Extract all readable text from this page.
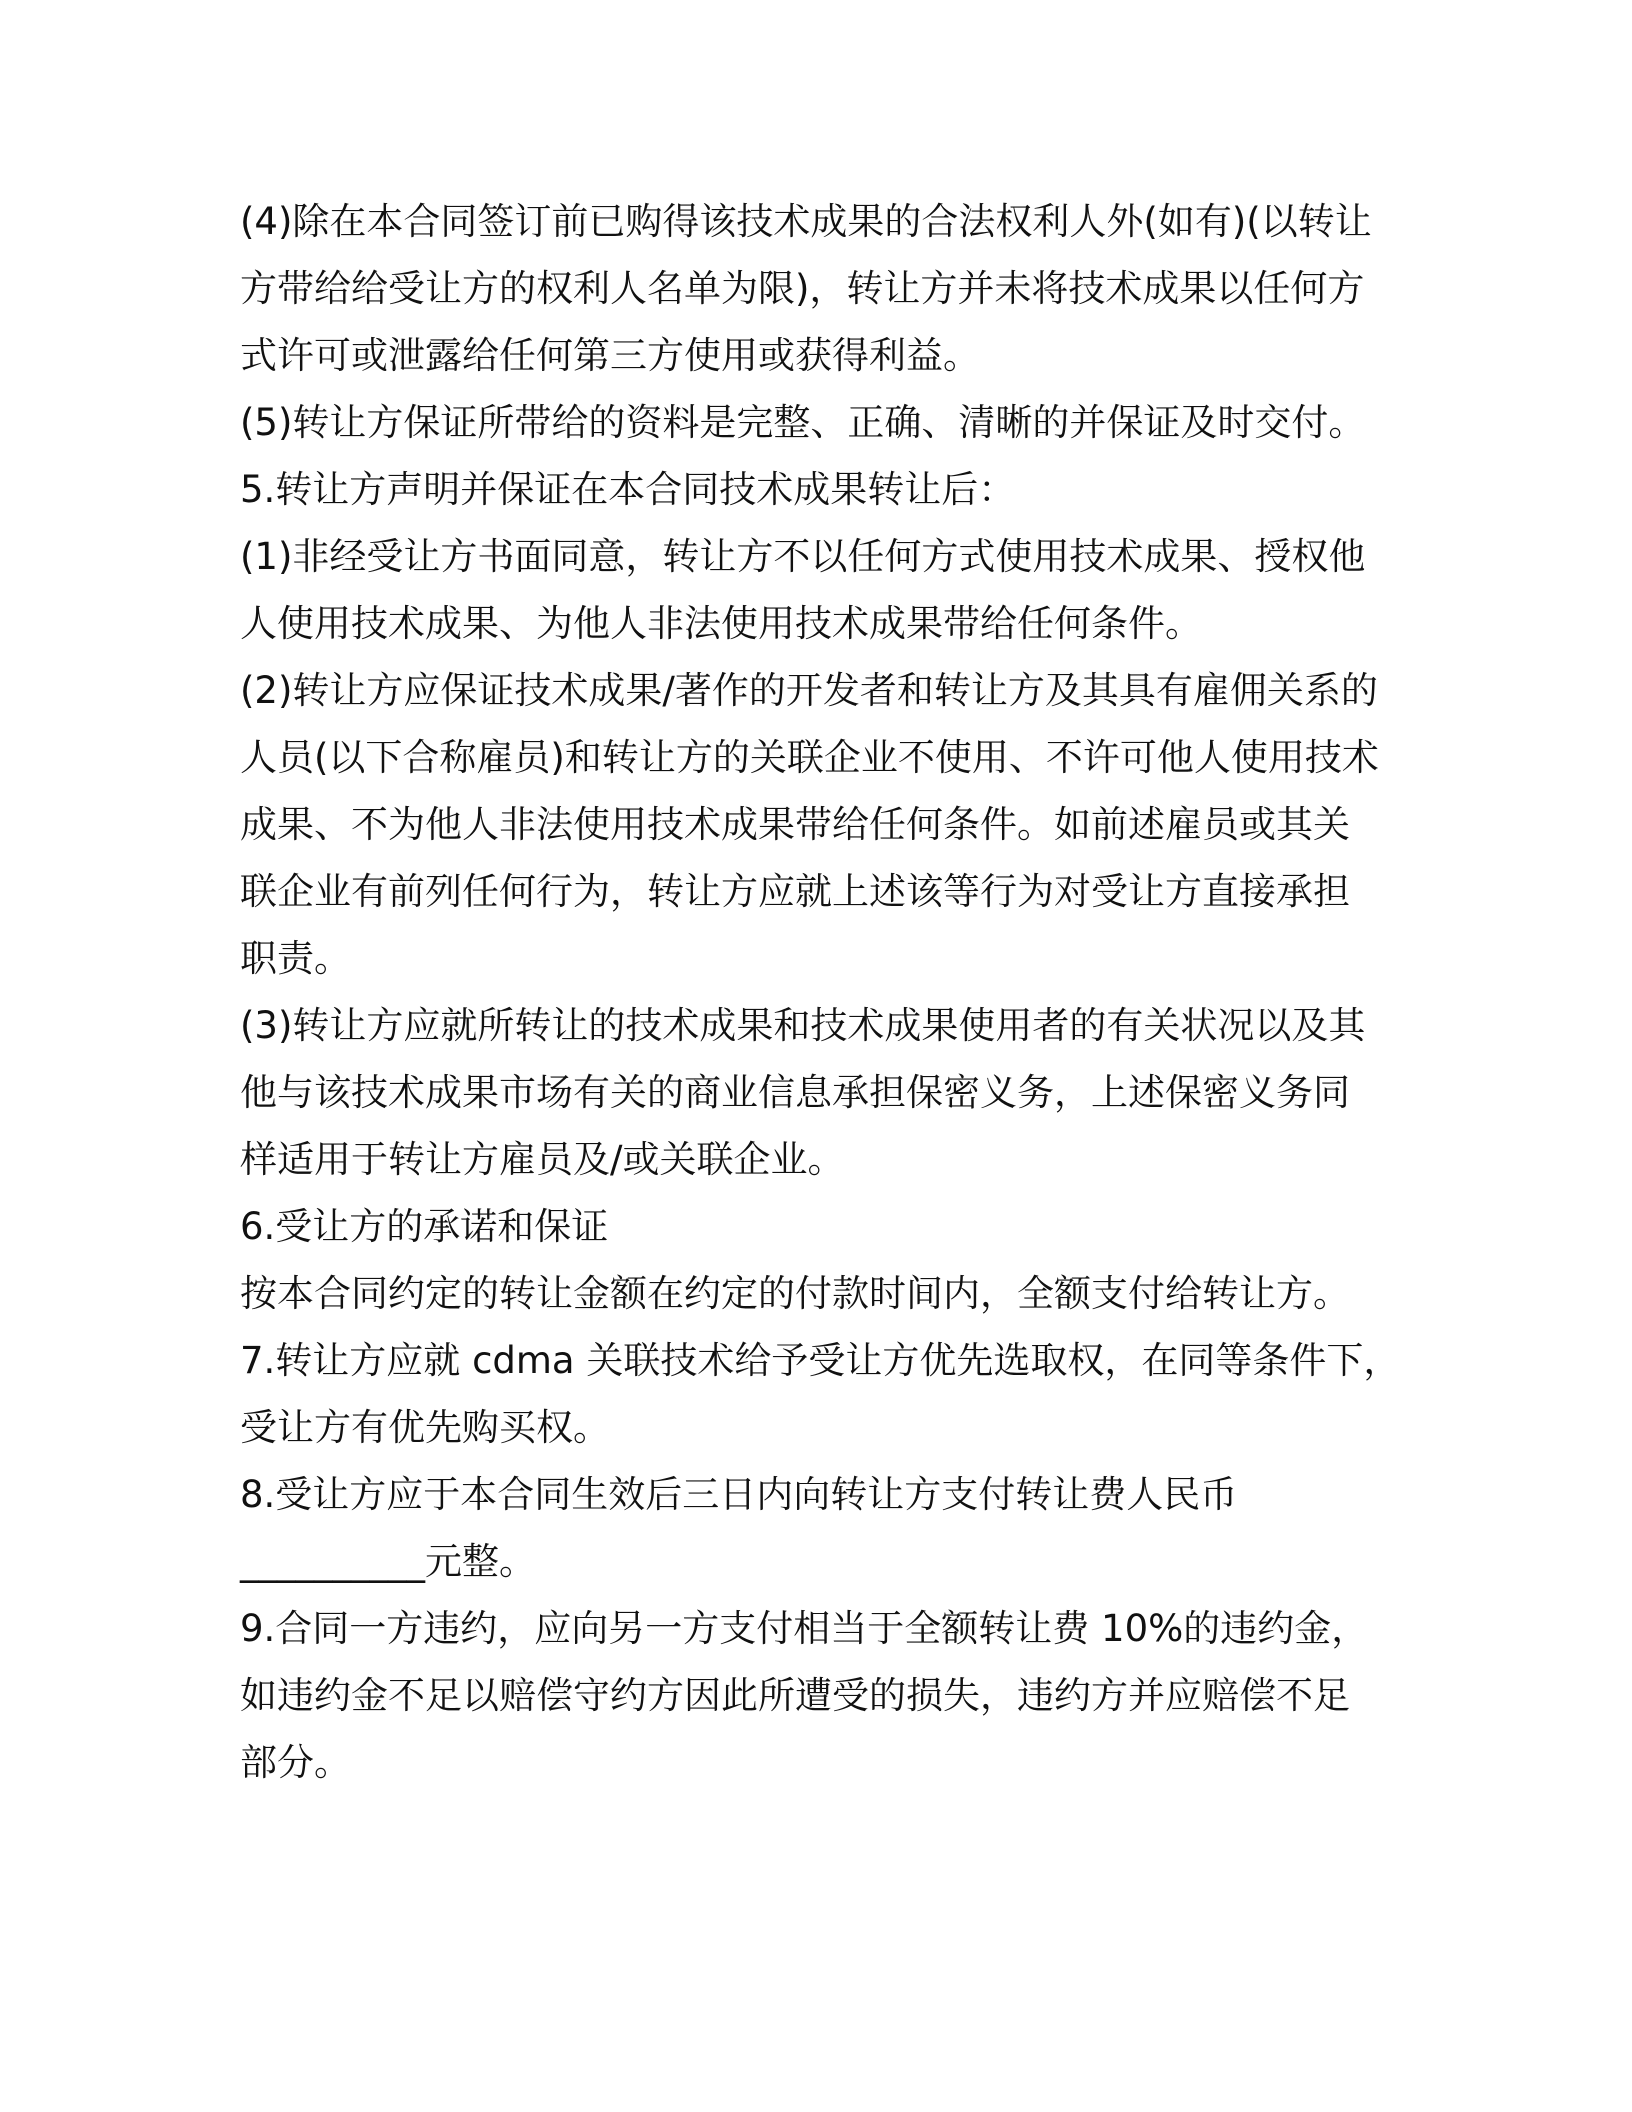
(4)除在本合同签订前已购得该技术成果的合法权利人外(如有)(以转让
方带给给受让方的权利人名单为限)，转让方并未将技术成果以任何方
式许可或泄露给任何第三方使用或获得利益。
(5)转让方保证所带给的资料是完整、正确、清晰的并保证及时交付。
5.转让方声明并保证在本合同技术成果转让后：
(1)非经受让方书面同意，转让方不以任何方式使用技术成果、授权他
人使用技术成果、为他人非法使用技术成果带给任何条件。
(2)转让方应保证技术成果/著作的开发者和转让方及其具有雇佣关系的
人员(以下合称雇员)和转让方的关联企业不使用、不许可他人使用技术
成果、不为他人非法使用技术成果带给任何条件。如前述雇员或其关
联企业有前列任何行为，转让方应就上述该等行为对受让方直接承担
职责。
(3)转让方应就所转让的技术成果和技术成果使用者的有关状况以及其
他与该技术成果市场有关的商业信息承担保密义务，上述保密义务同
样适用于转让方雇员及/或关联企业。
6.受让方的承诺和保证
按本合同约定的转让金额在约定的付款时间内，全额支付给转让方。
7.转让方应就 cdma 关联技术给予受让方优先选取权，在同等条件下，
受让方有优先购买权。
8.受让方应于本合同生效后三日内向转让方支付转让费人民币
__________元整。
9.合同一方违约，应向另一方支付相当于全额转让费 10%的违约金，
如违约金不足以赔偿守约方因此所遭受的损失，违约方并应赔偿不足
部分。
